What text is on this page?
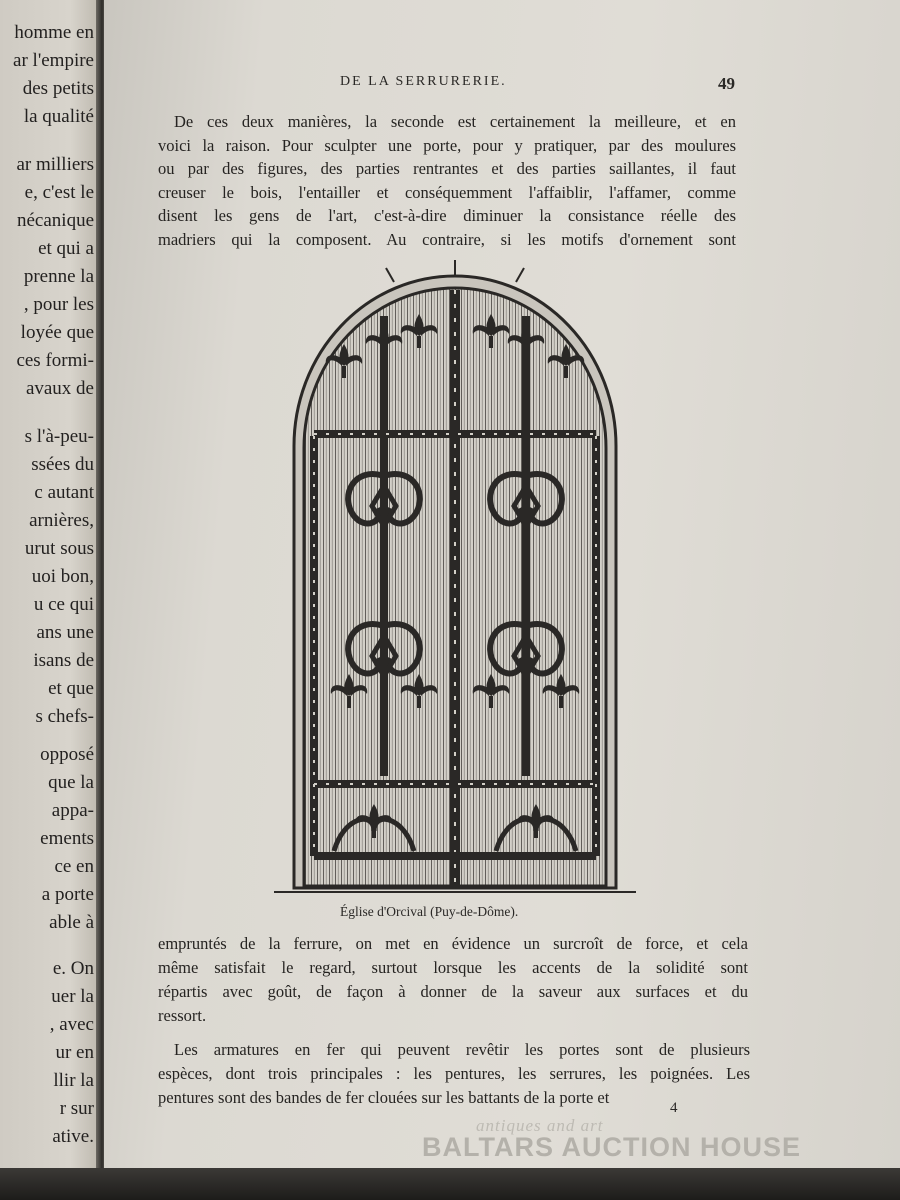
homme en
ar l'empire
des petits
la qualité
ar milliers
e, c'est le
nécanique
et qui a
prenne la
, pour les
loyée que
ces formi-
avaux de
s l'à-peu-
ssées du
c autant
arnières,
urut sous
uoi bon,
u ce qui
ans une
isans de
et que
s chefs-
opposé
que la
appa-
ements
ce en
a porte
able à
e. On
uer la
, avec
ur en
llir la
r sur
ative.
DE LA SERRURERIE.	49
De ces deux manières, la seconde est certainement la meilleure, et en
voici la raison. Pour sculpter une porte, pour y pratiquer, par des moulures
ou par des figures, des parties rentrantes et des parties saillantes, il faut
creuser le bois, l'entailler et conséquemment l'affaiblir, l'affamer, comme
disent les gens de l'art, c'est-à-dire diminuer la consistance réelle des
madriers qui la composent. Au contraire, si les motifs d'ornement sont
Église d'Orcival (Puy-de-Dôme).
empruntés de la ferrure, on met en évidence un surcroît de force, et cela
même satisfait le regard, surtout lorsque les accents de la solidité sont
répartis avec goût, de façon à donner de la saveur aux surfaces et du
ressort.
Les armatures en fer qui peuvent revêtir les portes sont de plusieurs
espèces, dont trois principales : les pentures, les serrures, les poignées. Les
pentures sont des bandes de fer clouées sur les battants de la porte et
4
antiques and art
BALTARS AUCTION HOUSE
